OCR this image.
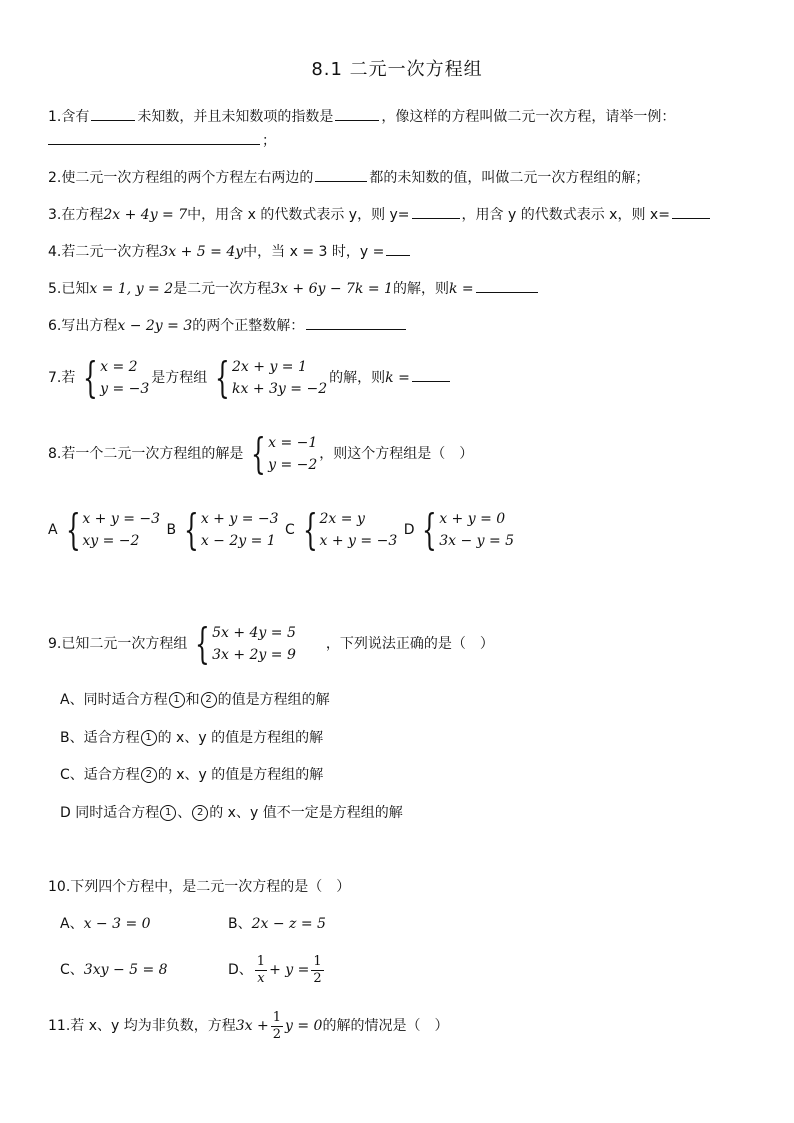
8.1 二元一次方程组
1.含有	未知数，并且未知数项的指数是	，像这样的方程叫做二元一次方程，请举一例：
；
2.使二元一次方程组的两个方程左右两边的	都的未知数的值，叫做二元一次方程组的解；
3.在方程2x + 4y = 7中，用含 x 的代数式表示 y，则 y=	，用含 y 的代数式表示 x，则 x=
4.若二元一次方程3x + 5 = 4y中，当 x = 3 时，y =
5.已知x = 1, y = 2是二元一次方程3x + 6y − 7k = 1的解，则k =
6.写出方程x − 2y = 3的两个正整数解：
7.若 { x = 2
y = −3
是方程组 { 2x + y = 1
kx + 3y = −2
的解，则k =
8.若一个二元一次方程组的解是 { x = −1
y = −2
，则这个方程组是（　）
A { x + y = −3
xy = −2
B { x + y = −3
x − 2y = 1
C { 2x = y
x + y = −3
D { x + y = 0
3x − y = 5
9.已知二元一次方程组 { 5x + 4y = 5
3x + 2y = 9
，下列说法正确的是（　）
A、同时适合方程 1 和 2 的值是方程组的解
B、适合方程 1 的 x、y 的值是方程组的解
C、适合方程 2 的 x、y 的值是方程组的解
D 同时适合方程 1 、 2 的 x、y 值不一定是方程组的解
10.下列四个方程中，是二元一次方程的是（　）
A、x − 3 = 0	B、2x − z = 5
C、3xy − 5 = 8	D、 $\frac{1}{x} + y = \frac{1}{2}$
11.若 x、y 均为非负数，方程$3x + \frac{1}{2}$ y = 0的解的情况是（　）
